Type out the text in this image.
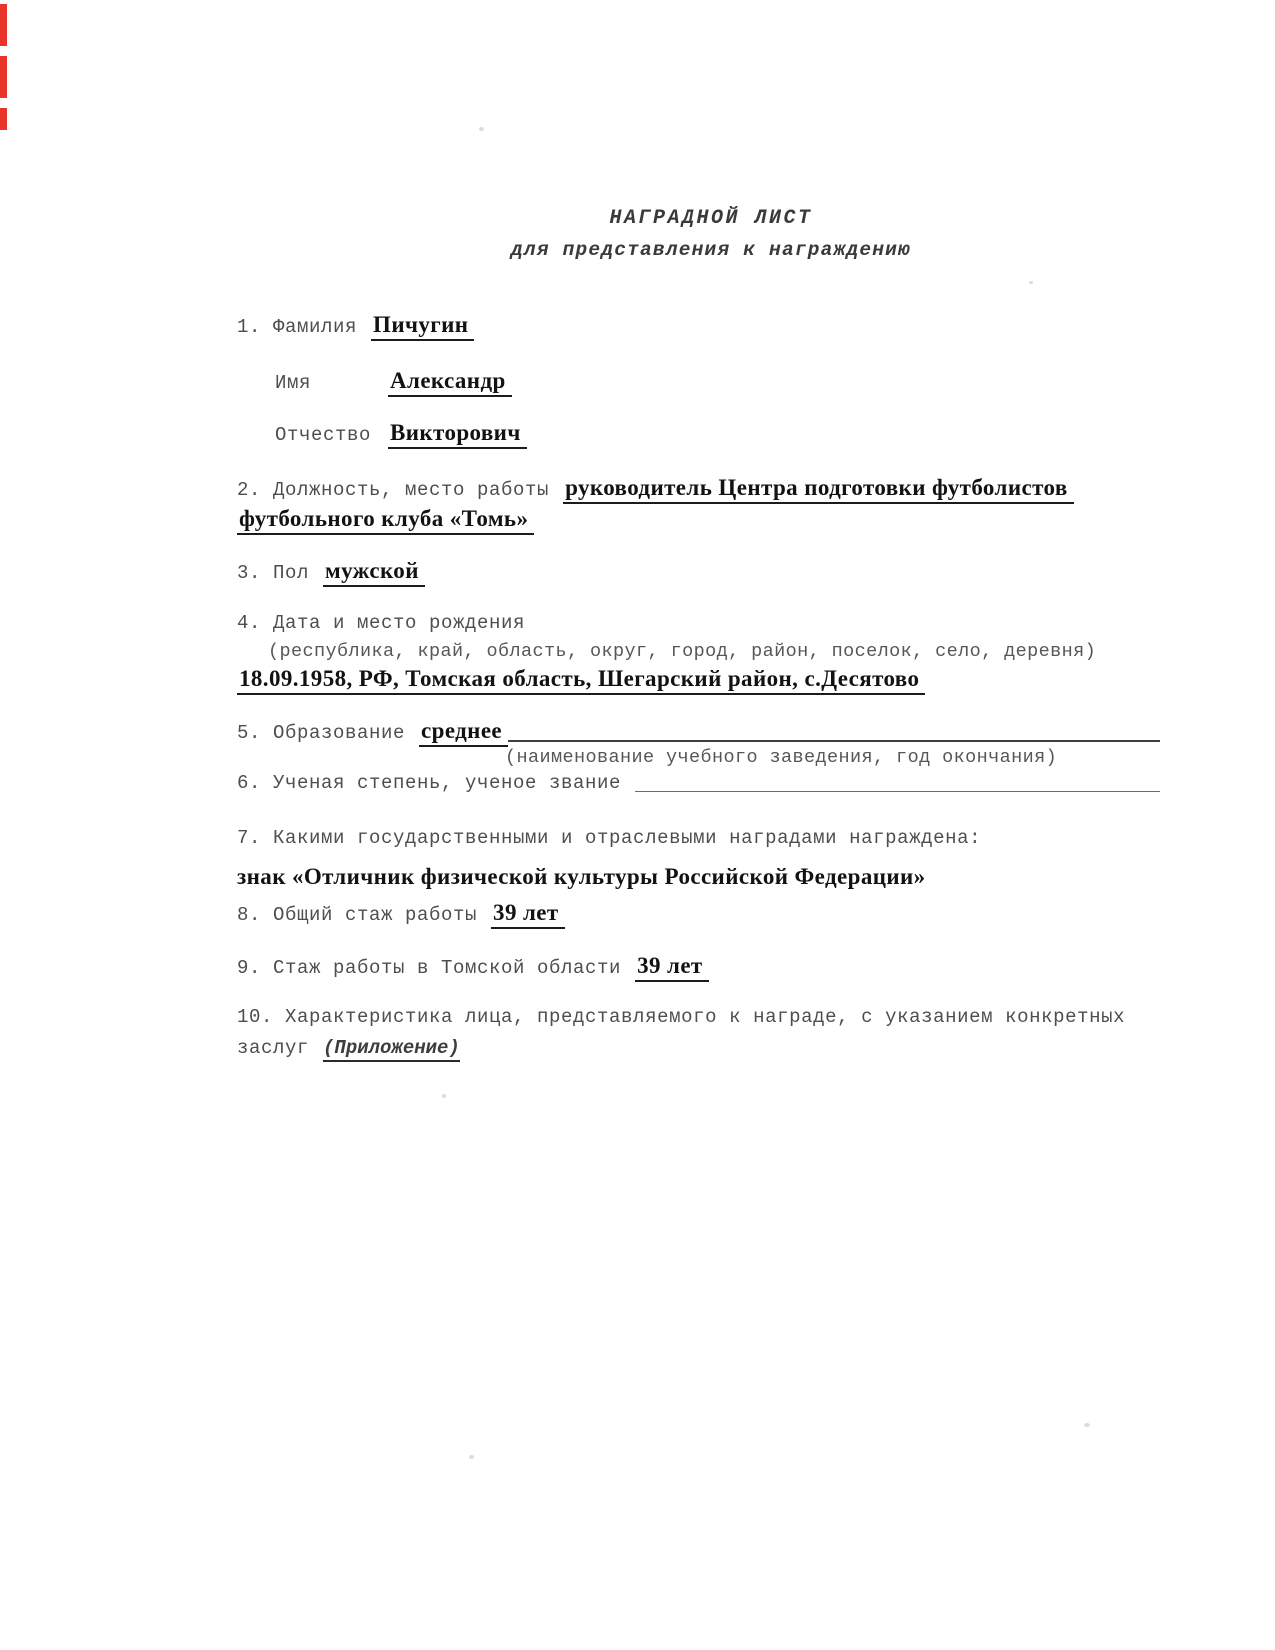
НАГРАДНОЙ ЛИСТ
для представления к награждению
1. Фамилия Пичугин
Имя	Александр
Отчество Викторович
2. Должность, место работы руководитель Центра подготовки футболистов
футбольного клуба «Томь»
3. Пол мужской
4. Дата и место рождения
(республика, край, область, округ, город, район, поселок, село, деревня)
18.09.1958, РФ, Томская область, Шегарский район, с.Десятово
5. Образование среднее
(наименование учебного заведения, год окончания)
6. Ученая степень, ученое звание
7. Какими государственными и отраслевыми наградами награждена:
знак «Отличник физической культуры Российской Федерации»
8. Общий стаж работы 39 лет
9. Стаж работы в Томской области 39 лет
10. Характеристика лица, представляемого к награде, с указанием конкретных
заслуг (Приложение)
